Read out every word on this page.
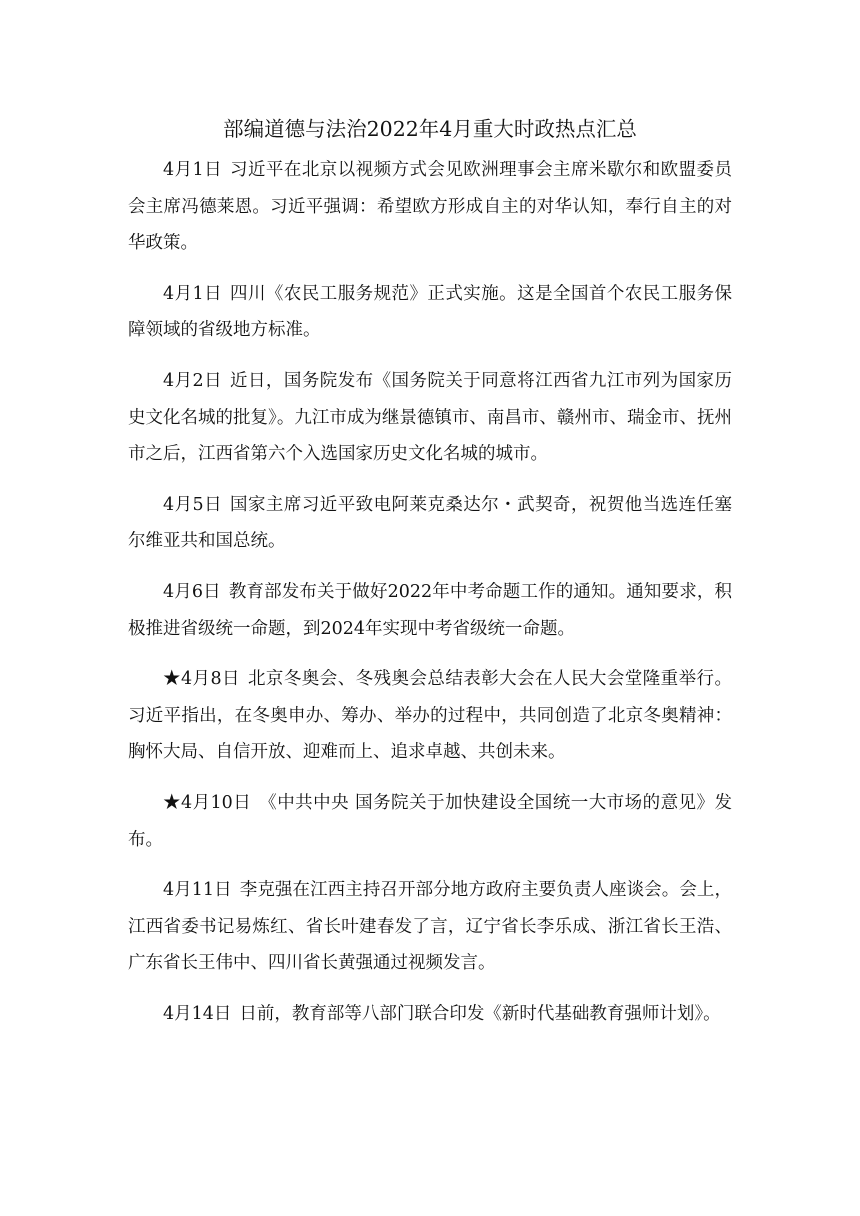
部编道德与法治2022年4月重大时政热点汇总

4月1日 习近平在北京以视频方式会见欧洲理事会主席米歇尔和欧盟委员会主席冯德莱恩。习近平强调：希望欧方形成自主的对华认知，奉行自主的对华政策。

4月1日 四川《农民工服务规范》正式实施。这是全国首个农民工服务保障领域的省级地方标准。

4月2日 近日，国务院发布《国务院关于同意将江西省九江市列为国家历史文化名城的批复》。九江市成为继景德镇市、南昌市、赣州市、瑞金市、抚州市之后，江西省第六个入选国家历史文化名城的城市。

4月5日 国家主席习近平致电阿莱克桑达尔・武契奇，祝贺他当选连任塞尔维亚共和国总统。

4月6日 教育部发布关于做好2022年中考命题工作的通知。通知要求，积极推进省级统一命题，到2024年实现中考省级统一命题。

★4月8日 北京冬奥会、冬残奥会总结表彰大会在人民大会堂隆重举行。习近平指出，在冬奥申办、筹办、举办的过程中，共同创造了北京冬奥精神：胸怀大局、自信开放、迎难而上、追求卓越、共创未来。

★4月10日 《中共中央 国务院关于加快建设全国统一大市场的意见》发布。

4月11日 李克强在江西主持召开部分地方政府主要负责人座谈会。会上，江西省委书记易炼红、省长叶建春发了言，辽宁省长李乐成、浙江省长王浩、广东省长王伟中、四川省长黄强通过视频发言。

4月14日 日前，教育部等八部门联合印发《新时代基础教育强师计划》。
